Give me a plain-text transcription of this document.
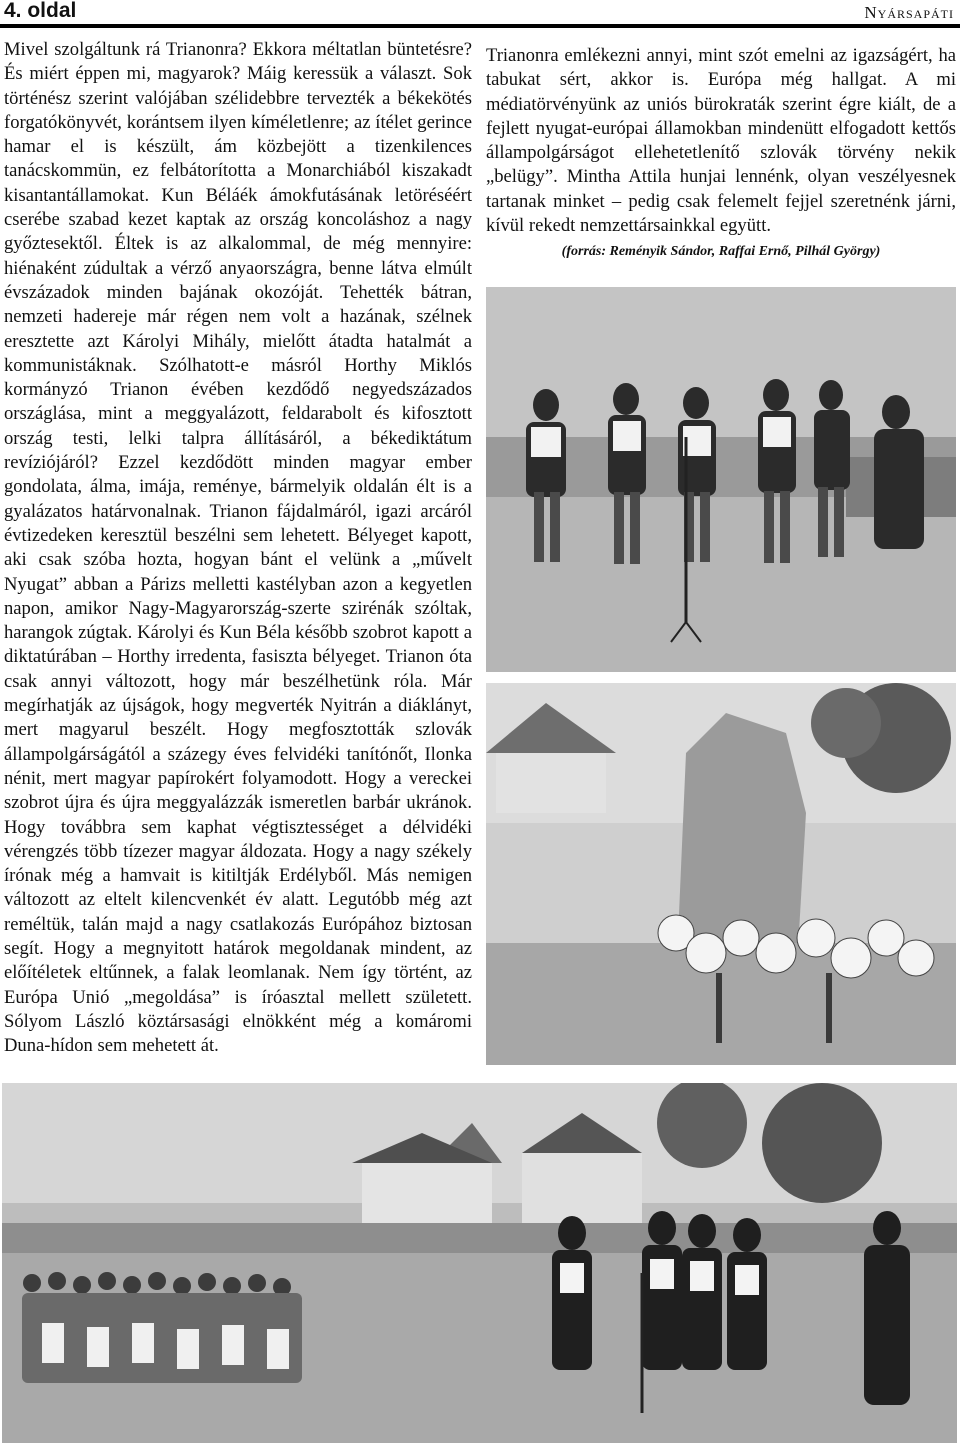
4. oldal	Nyársapáti

Mivel szolgáltunk rá Trianonra? Ekkora méltatlan büntetésre? És miért éppen mi, magyarok? Máig keressük a választ. Sok történész szerint valójában szélidebbre tervezték a békekötés forgatókönyvét, korántsem ilyen kíméletlenre; az ítélet gerince hamar el is készült, ám közbejött a tizenkilences tanácskommün, ez felbátorította a Monarchiából kiszakadt kisantantállamokat. Kun Béláék ámokfutásának letöréséért cserébe szabad kezet kaptak az ország koncoláshoz a nagy győztesektől. Éltek is az alkalommal, de még mennyire: hiénaként zúdultak a vérző anyaországra, benne látva elmúlt évszázadok minden bajának okozóját. Tehették bátran, nemzeti hadereje már régen nem volt a hazának, szélnek eresztette azt Károlyi Mihály, mielőtt átadta hatalmát a kommunistáknak. Szólhatott-e másról Horthy Miklós kormányzó Trianon évében kezdődő negyedszázados országlása, mint a meggyalázott, feldarabolt és kifosztott ország testi, lelki talpra állításáról, a békediktátum revíziójáról? Ezzel kezdődött minden magyar ember gondolata, álma, imája, reménye, bármelyik oldalán élt is a gyalázatos határvonalnak. Trianon fájdalmáról, igazi arcáról évtizedeken keresztül beszélni sem lehetett. Bélyeget kapott, aki csak szóba hozta, hogyan bánt el velünk a „művelt Nyugat” abban a Párizs melletti kastélyban azon a kegyetlen napon, amikor Nagy-Magyarország-szerte szirénák szóltak, harangok zúgtak. Károlyi és Kun Béla később szobrot kapott a diktatúrában – Horthy irredenta, fasiszta bélyeget. Trianon óta csak annyi változott, hogy már beszélhetünk róla. Már megírhatják az újságok, hogy megverték Nyitrán a diáklányt, mert magyarul beszélt. Hogy megfosztották szlovák állampolgárságától a százegy éves felvidéki tanítónőt, Ilonka nénit, mert magyar papírokért folyamodott. Hogy a vereckei szobrot újra és újra meggyalázzák ismeretlen barbár ukránok. Hogy továbbra sem kaphat végtisztességet a délvidéki vérengzés több tízezer magyar áldozata. Hogy a nagy székely írónak még a hamvait is kitiltják Erdélyből. Más nemigen változott az eltelt kilencvenkét év alatt. Legutóbb még azt reméltük, talán majd a nagy csatlakozás Európához biztosan segít. Hogy a megnyitott határok megoldanak mindent, az előítéletek eltűnnek, a falak leomlanak. Nem így történt, az Európa Unió „megoldása” is íróasztal mellett született. Sólyom László köztársasági elnökként még a komáromi Duna-hídon sem mehetett át.

Trianonra emlékezni annyi, mint szót emelni az igazságért, ha tabukat sért, akkor is. Európa még hallgat. A mi médiatörvényünk az uniós bürokraták szerint égre kiált, de a fejlett nyugat-európai államokban mindenütt elfogadott kettős állampolgárságot ellehetetlenítő szlovák törvény nekik „belügy”. Mintha Attila hunjai lennénk, olyan veszélyesnek tartanak minket – pedig csak felemelt fejjel szeretnénk járni, kívül rekedt nemzettársainkkal együtt.

(forrás: Reményik Sándor, Raffai Ernő, Pilhál György)
